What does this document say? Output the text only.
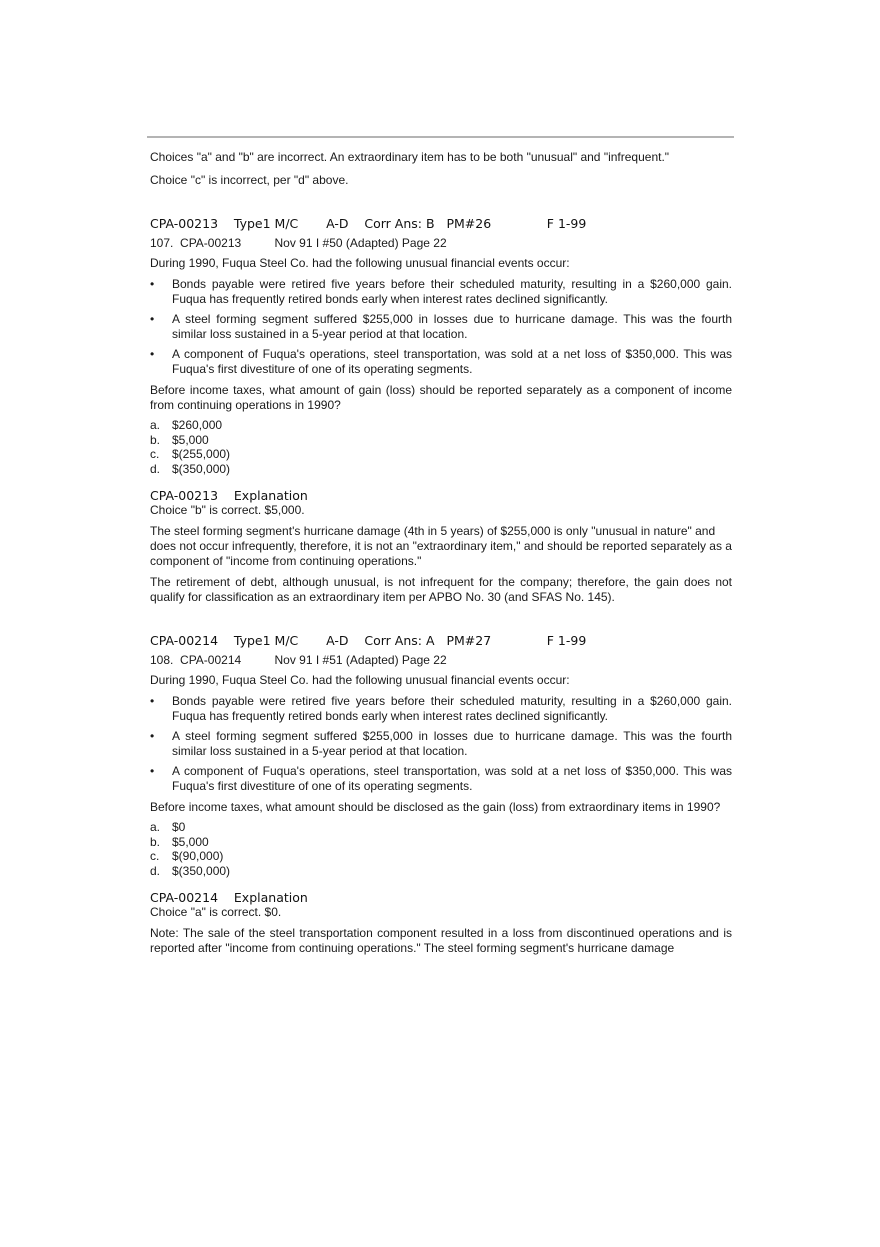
Choices "a" and "b" are incorrect. An extraordinary item has to be both "unusual" and "infrequent."

Choice "c" is incorrect, per "d" above.

CPA-00213    Type1 M/C       A-D    Corr Ans: B   PM#26              F 1-99
107.  CPA-00213          Nov 91 I #50 (Adapted) Page 22

During 1990, Fuqua Steel Co. had the following unusual financial events occur:

• Bonds payable were retired five years before their scheduled maturity, resulting in a $260,000 gain. Fuqua has frequently retired bonds early when interest rates declined significantly.
• A steel forming segment suffered $255,000 in losses due to hurricane damage. This was the fourth similar loss sustained in a 5-year period at that location.
• A component of Fuqua's operations, steel transportation, was sold at a net loss of $350,000. This was Fuqua's first divestiture of one of its operating segments.

Before income taxes, what amount of gain (loss) should be reported separately as a component of income from continuing operations in 1990?

a. $260,000
b. $5,000
c. $(255,000)
d. $(350,000)
CPA-00213    Explanation

Choice "b" is correct. $5,000.

The steel forming segment's hurricane damage (4th in 5 years) of $255,000 is only "unusual in nature" and does not occur infrequently, therefore, it is not an "extraordinary item," and should be reported separately as a component of "income from continuing operations."

The retirement of debt, although unusual, is not infrequent for the company; therefore, the gain does not qualify for classification as an extraordinary item per APBO No. 30 (and SFAS No. 145).

CPA-00214    Type1 M/C       A-D    Corr Ans: A   PM#27              F 1-99
108.  CPA-00214          Nov 91 I #51 (Adapted) Page 22

During 1990, Fuqua Steel Co. had the following unusual financial events occur:

• Bonds payable were retired five years before their scheduled maturity, resulting in a $260,000 gain. Fuqua has frequently retired bonds early when interest rates declined significantly.
• A steel forming segment suffered $255,000 in losses due to hurricane damage. This was the fourth similar loss sustained in a 5-year period at that location.
• A component of Fuqua's operations, steel transportation, was sold at a net loss of $350,000. This was Fuqua's first divestiture of one of its operating segments.

Before income taxes, what amount should be disclosed as the gain (loss) from extraordinary items in 1990?

a. $0
b. $5,000
c. $(90,000)
d. $(350,000)
CPA-00214    Explanation

Choice "a" is correct. $0.

Note: The sale of the steel transportation component resulted in a loss from discontinued operations and is reported after "income from continuing operations." The steel forming segment's hurricane damage
